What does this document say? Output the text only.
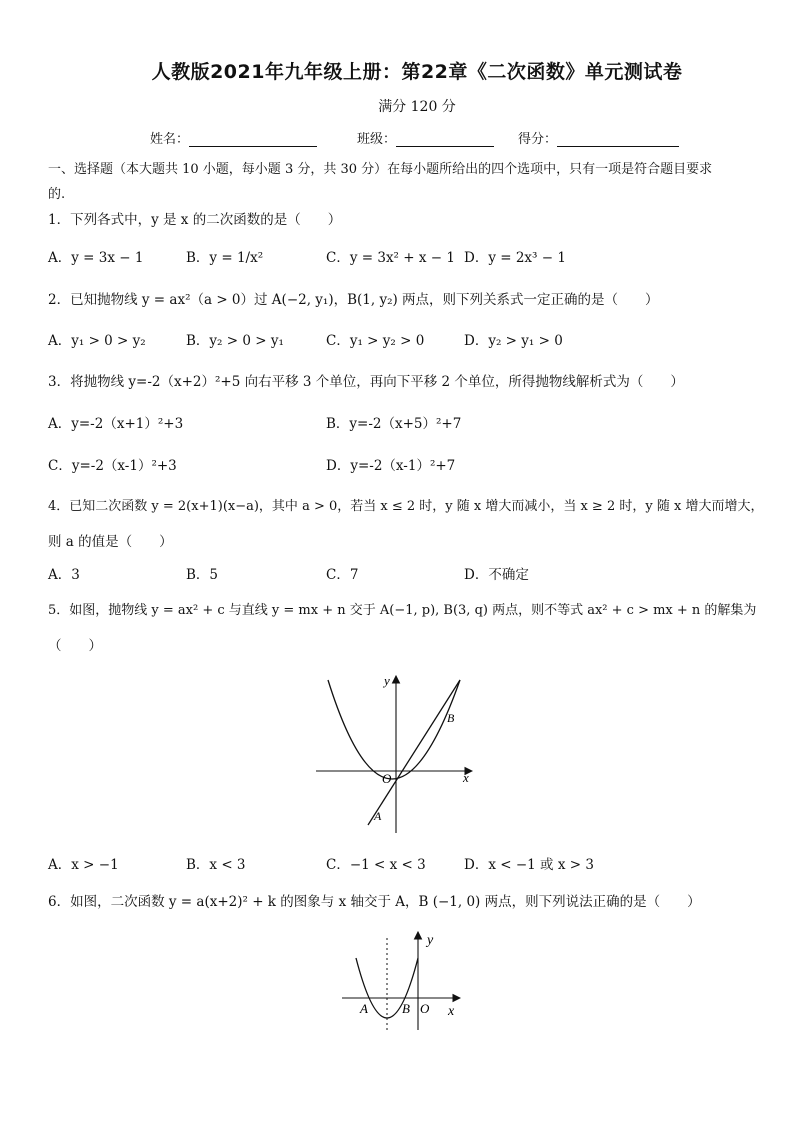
人教版2021年九年级上册：第22章《二次函数》单元测试卷
满分 120 分
姓名：	班级：	得分：
一、选择题（本大题共 10 小题，每小题 3 分，共 30 分）在每小题所给出的四个选项中，只有一项是符合题目要求
的.
1．下列各式中，y 是 x 的二次函数的是（　　）
A．y = 3x − 1	B．y = 1/x²	C．y = 3x² + x − 1 D．y = 2x³ − 1
2．已知抛物线 y = ax²（a > 0）过 A(−2, y₁)，B(1, y₂) 两点，则下列关系式一定正确的是（　　）
A．y₁ > 0 > y₂	B．y₂ > 0 > y₁	C．y₁ > y₂ > 0	D．y₂ > y₁ > 0
3．将抛物线 y=-2（x+2）²+5 向右平移 3 个单位，再向下平移 2 个单位，所得抛物线解析式为（　　）
A．y=-2（x+1）²+3	B．y=-2（x+5）²+7
C．y=-2（x-1）²+3	D．y=-2（x-1）²+7
4．已知二次函数 y = 2(x+1)(x−a)，其中 a > 0，若当 x ≤ 2 时，y 随 x 增大而减小，当 x ≥ 2 时，y 随 x 增大而增大，
则 a 的值是（　　）
A．3	B．5	C．7	D．不确定
5．如图，抛物线 y = ax² + c 与直线 y = mx + n 交于 A(−1, p), B(3, q) 两点，则不等式 ax² + c > mx + n 的解集为
（　　）
y
x
O
A
B
A．x > −1	B．x < 3	C．−1 < x < 3	D．x < −1 或 x > 3
6．如图，二次函数 y = a(x+2)² + k 的图象与 x 轴交于 A，B (−1, 0) 两点，则下列说法正确的是（　　）
y
x
O
A	B
